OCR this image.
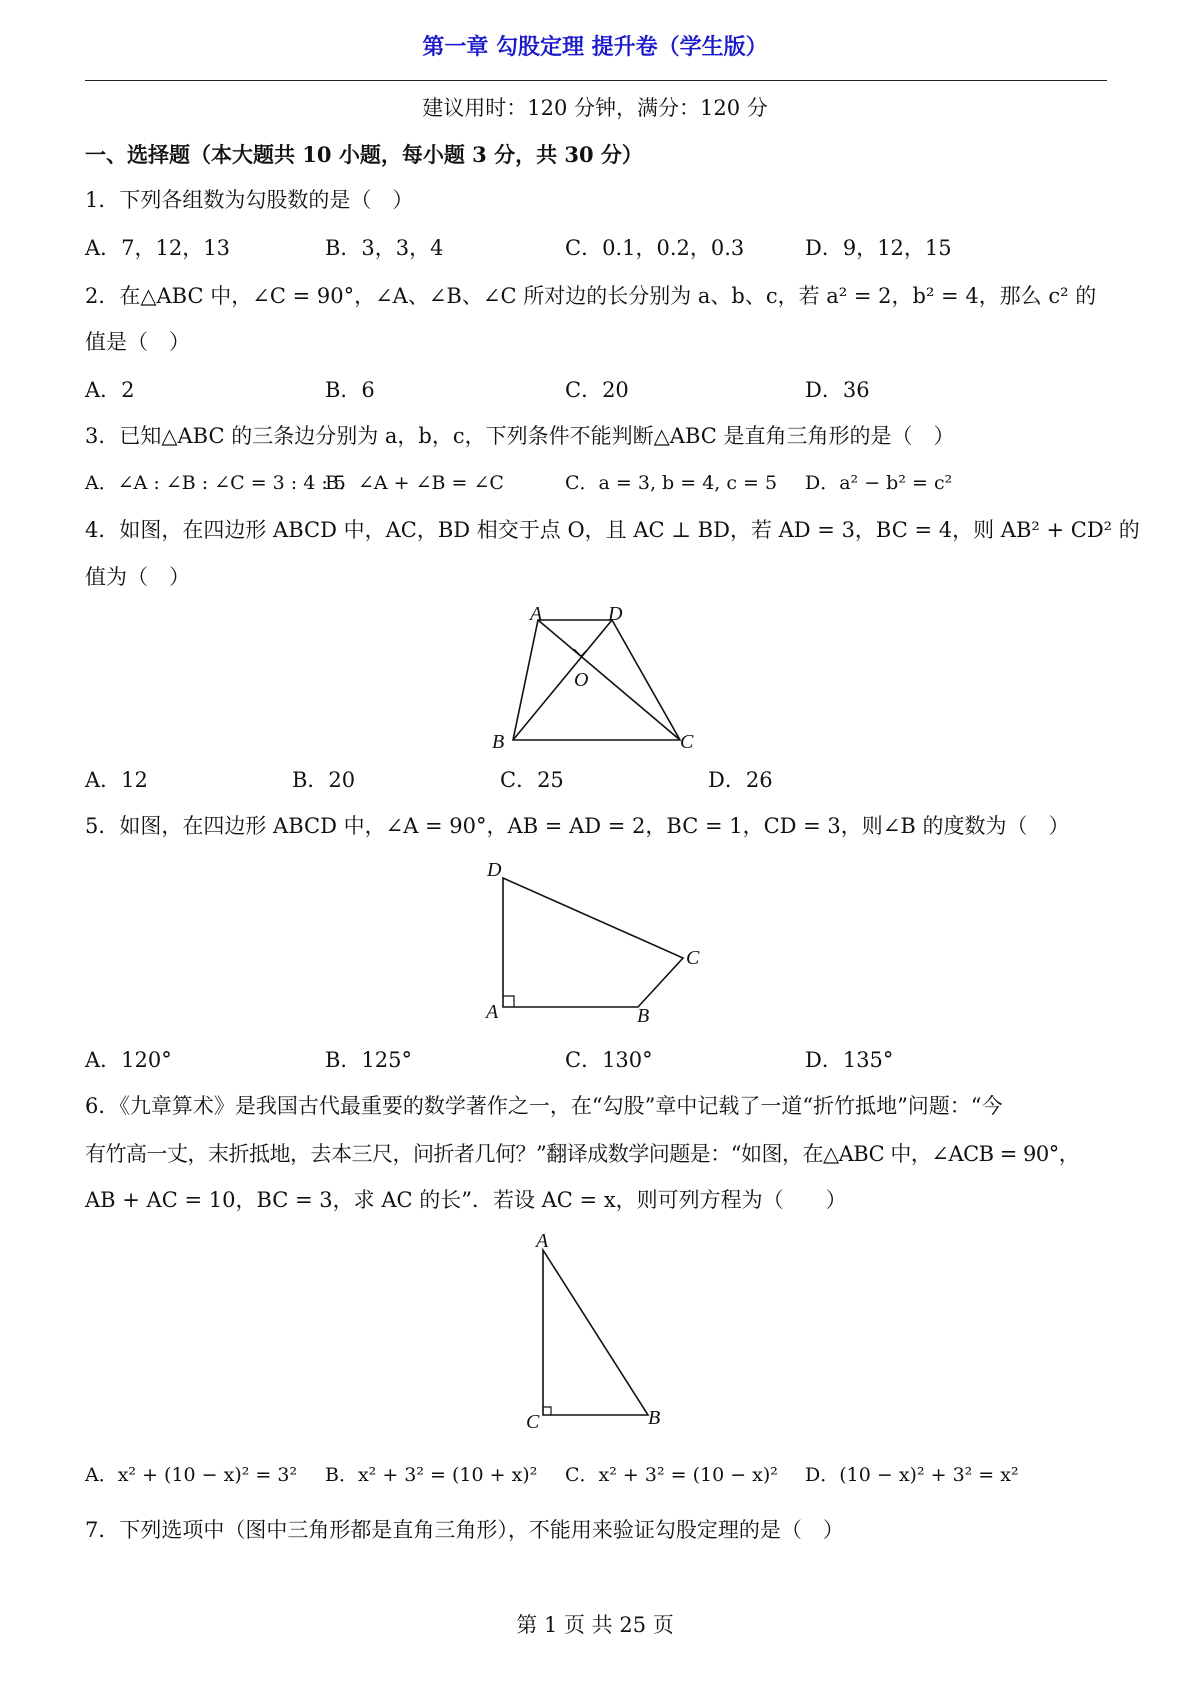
第一章 勾股定理 提升卷（学生版）
建议用时：120 分钟，满分：120 分
一、选择题（本大题共 10 小题，每小题 3 分，共 30 分）
1．下列各组数为勾股数的是（　）
A．7，12，13	B．3，3，4	C．0.1，0.2，0.3	D．9，12，15
2．在△ABC 中，∠C = 90°，∠A、∠B、∠C 所对边的长分别为 a、b、c，若 a² = 2，b² = 4，那么 c² 的
值是（　）
A．2	B．6	C．20	D．36
3．已知△ABC 的三条边分别为 a，b，c，下列条件不能判断△ABC 是直角三角形的是（　）
A．∠A : ∠B : ∠C = 3 : 4 : 5
B．∠A + ∠B = ∠C	C．a = 3, b = 4, c = 5 D．a² − b² = c²
4．如图，在四边形 ABCD 中，AC，BD 相交于点 O，且 AC ⊥ BD，若 AD = 3，BC = 4，则 AB² + CD² 的
值为（　）
A	D
O
B	C
D
C
A	B
A
C	B
A．12	B．20	C．25	D．26
5．如图，在四边形 ABCD 中，∠A = 90°，AB = AD = 2，BC = 1，CD = 3，则∠B 的度数为（　）
A．120°	B．125°	C．130°	D．135°
6．《九章算术》是我国古代最重要的数学著作之一，在“勾股”章中记载了一道“折竹抵地”问题：“今
有竹高一丈，末折抵地，去本三尺，问折者几何？”翻译成数学问题是：“如图，在△ABC 中，∠ACB = 90°，
AB + AC = 10，BC = 3，求 AC 的长”．若设 AC = x，则可列方程为（　　）
A．x² + (10 − x)² = 3² B．x² + 3² = (10 + x)² C．x² + 3² = (10 − x)² D．(10 − x)² + 3² = x²
7．下列选项中（图中三角形都是直角三角形），不能用来验证勾股定理的是（　）
第 1 页 共 25 页
